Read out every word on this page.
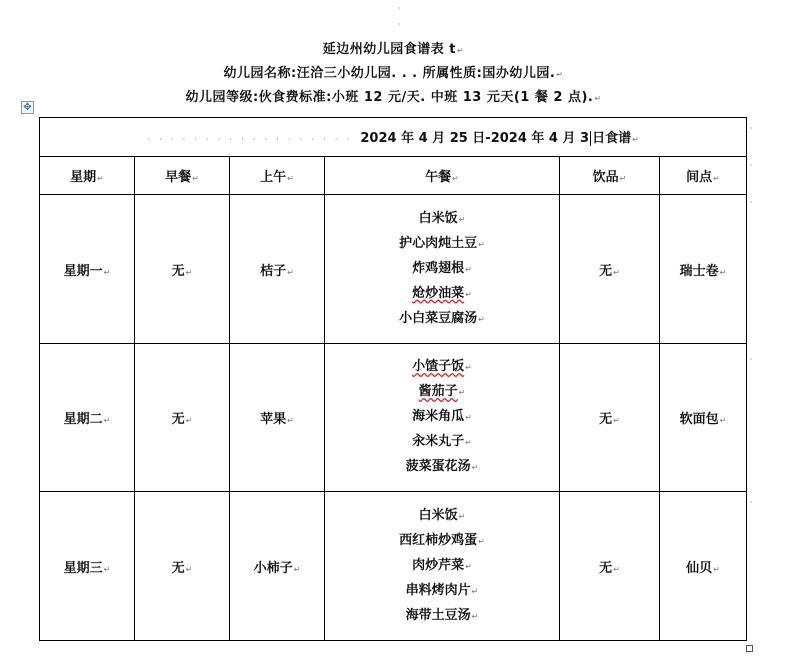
'
'
延边州幼儿园食谱表 t↵
幼儿园名称:汪洽三小幼儿园. . . 所属性质:国办幼儿园.↵
幼儿园等级:伙食费标准:小班 12 元/天. 中班 13 元天(1 餐 2 点).↵
✥
· · · · · · · · · · · · · · · · · · 2024 年 4 月 25 日-2024 年 4 月 3 日食谱↵					
星期↵	早餐↵	上午↵	午餐↵	饮品↵	间点↵
星期一↵	无↵	桔子↵	白米饭↵
护心肉炖土豆↵
炸鸡翅根↵
炝炒油菜↵
小白菜豆腐汤↵	无↵	瑞士卷↵
星期二↵	无↵	苹果↵	小馇子饭↵
酱茄子↵
海米角瓜↵
汆米丸子↵
菠菜蛋花汤↵	无↵	软面包↵
星期三↵	无↵	小柿子↵	白米饭↵
西红柿炒鸡蛋↵
肉炒芹菜↵
串料烤肉片↵
海带土豆汤↵	无↵	仙贝↵
'
'
'
'
'
